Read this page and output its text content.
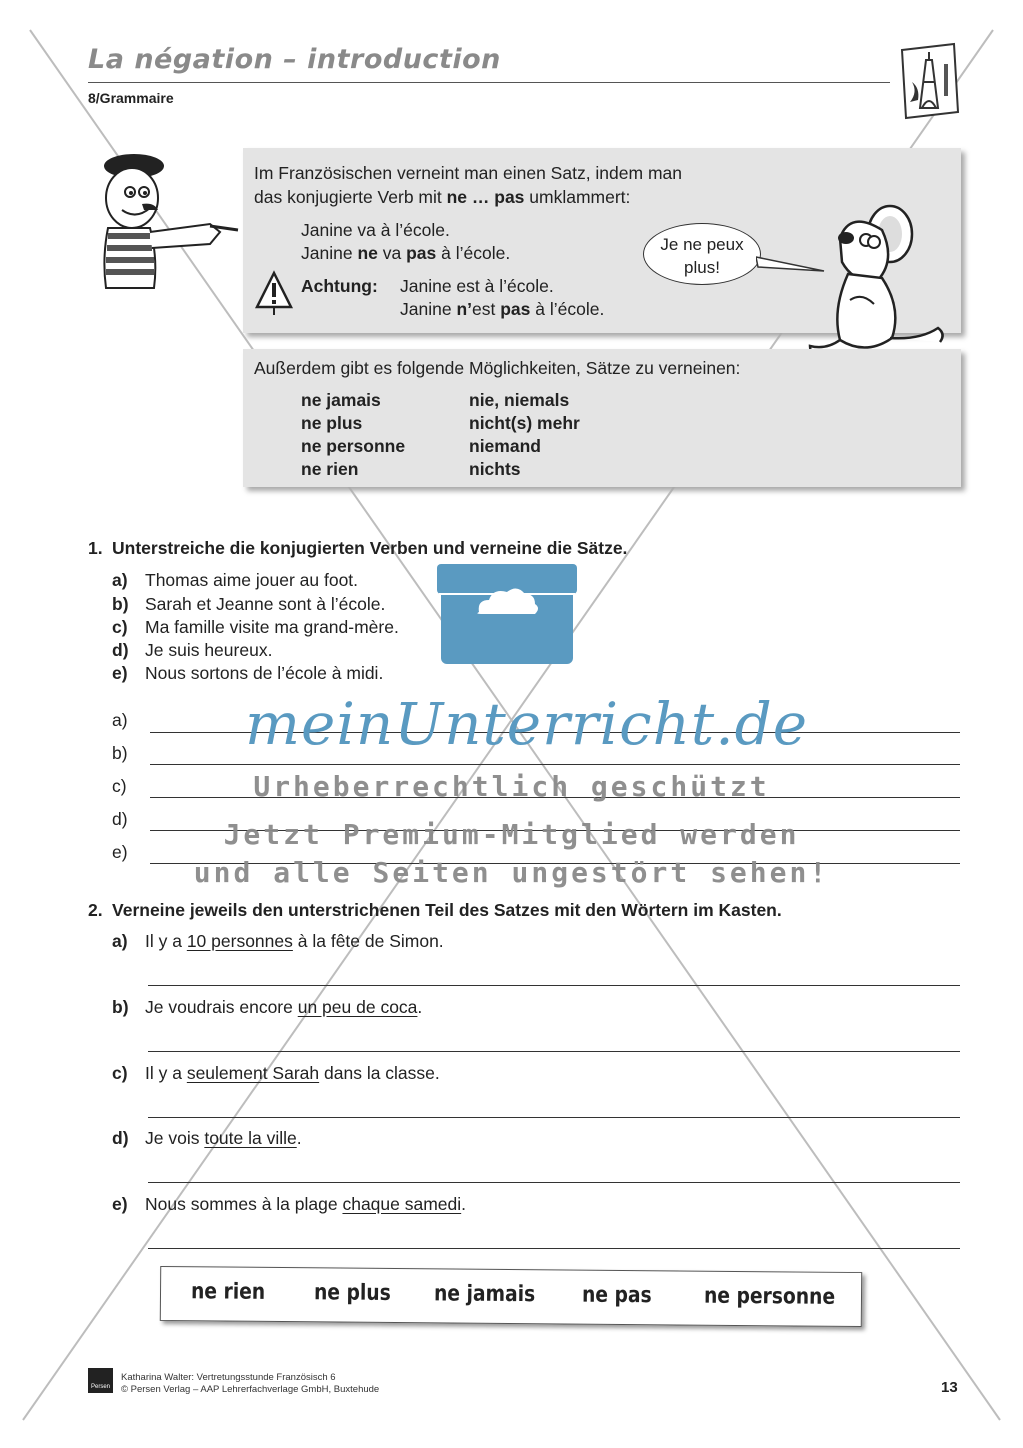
La négation – introduction
8/Grammaire
Im Französischen verneint man einen Satz, indem man
das konjugierte Verb mit ne … pas umklammert:
Janine va à l’école.
Janine ne va pas à l’école.
Achtung: Janine est à l’école.
Janine n’est pas à l’école.
Je ne peux
plus!
Außerdem gibt es folgende Möglichkeiten, Sätze zu verneinen:
ne jamais	nie, niemals
ne plus	nicht(s) mehr
ne personne	niemand
ne rien	nichts
1. Unterstreiche die konjugierten Verben und verneine die Sätze.
a) Thomas aime jouer au foot.
b) Sarah et Jeanne sont à l’école.
c) Ma famille visite ma grand-mère.
d) Je suis heureux.
e) Nous sortons de l’école à midi.
a)
b)
c)
d)
e)
meinUnterricht.de
Urheberrechtlich geschützt
Jetzt Premium-Mitglied werden
und alle Seiten ungestört sehen!
2. Verneine jeweils den unterstrichenen Teil des Satzes mit den Wörtern im Kasten.
a) Il y a 10 personnes à la fête de Simon.
b) Je voudrais encore un peu de coca.
c) Il y a seulement Sarah dans la classe.
d) Je vois toute la ville.
e) Nous sommes à la plage chaque samedi.
ne rien ne plus ne jamais ne pas ne personne
Persen
Katharina Walter: Vertretungsstunde Französisch 6
© Persen Verlag – AAP Lehrerfachverlage GmbH, Buxtehude	13
